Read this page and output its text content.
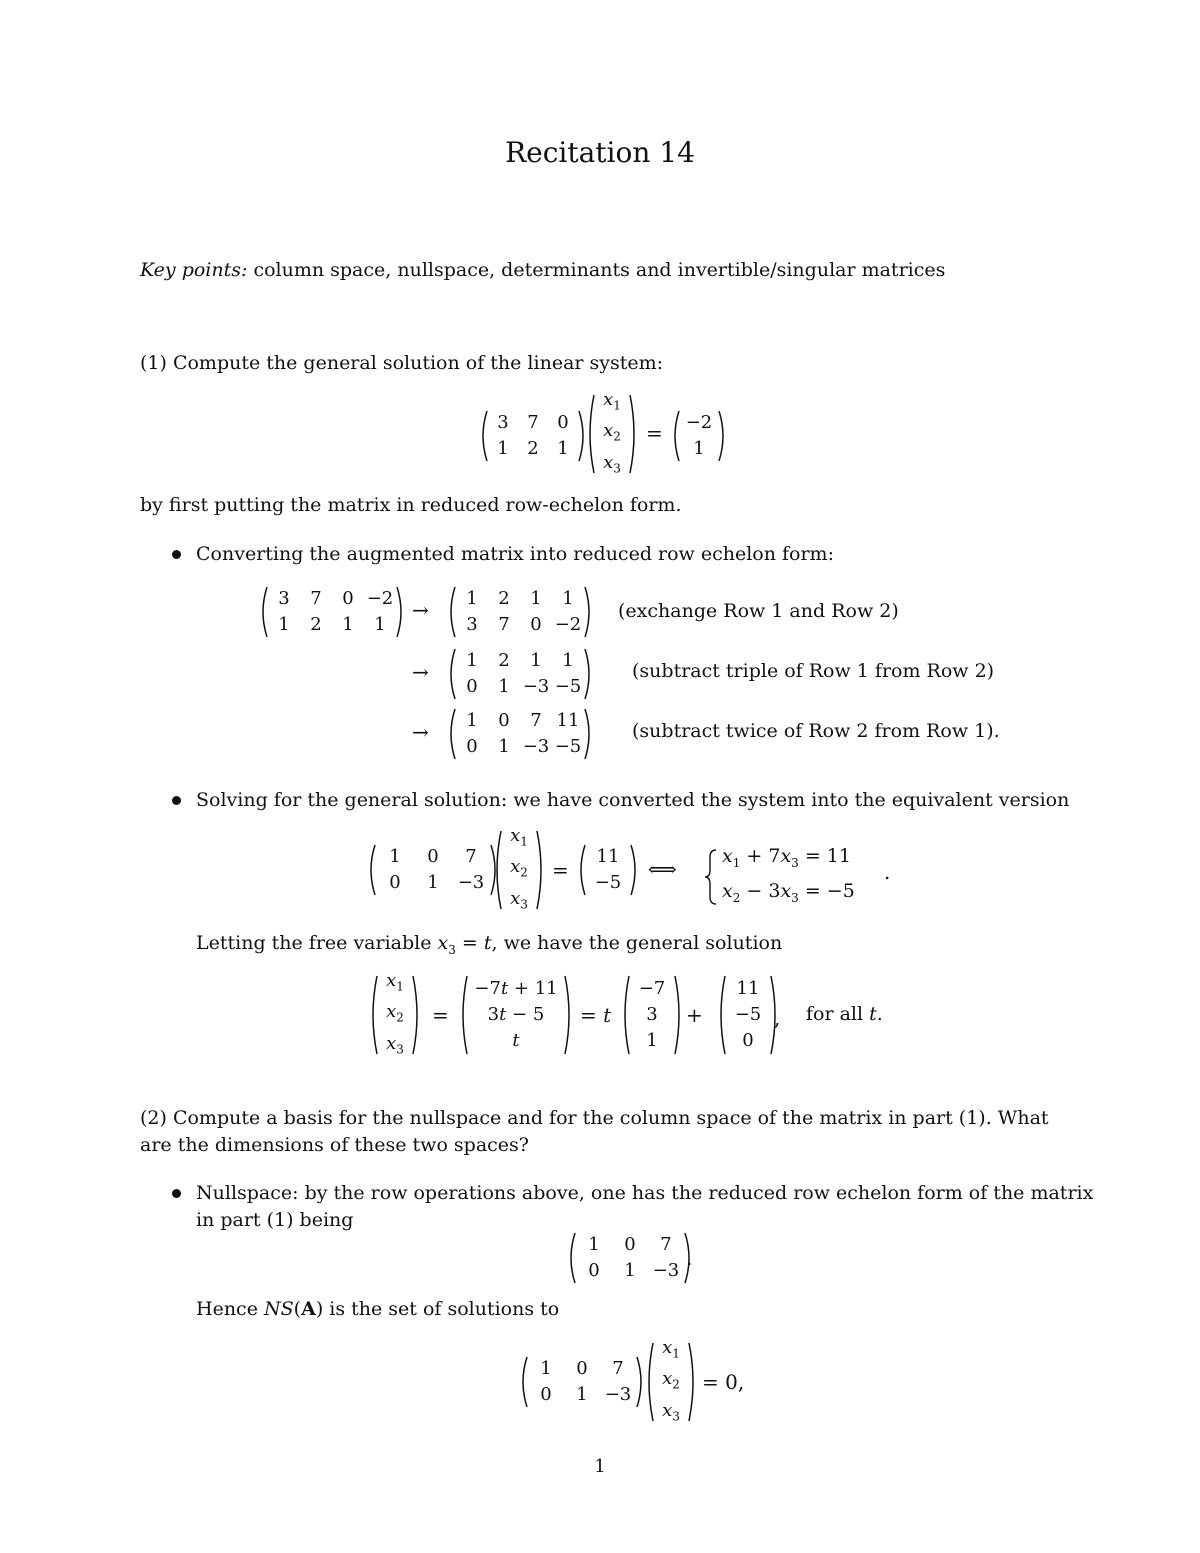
Recitation 14
Key points: column space, nullspace, determinants and invertible/singular matrices
(1) Compute the general solution of the linear system:
3	7	0
1	2	1
$x_1$
$x_2$
$x_3$
=	−2
1
by first putting the matrix in reduced row-echelon form.
Converting the augmented matrix into reduced row echelon form:
3	7	0 −2
1	2	1	1
→	1	2	1	1
3	7	0 −2
(exchange Row 1 and Row 2)
→	1	2	1	1
0	1 −3 −5
(subtract triple of Row 1 from Row 2)
→	1	0	7 11
0	1 −3 −5
(subtract twice of Row 2 from Row 1).
Solving for the general solution: we have converted the system into the equivalent version
1	0	7
0	1	−3
$x_1$
$x_2$
$x_3$
=
11
−5
⟺
$x_1 + 7x_3 = 11$
$x_2 - 3x_3 = -5$
.
Letting the free variable $x_3 = t$, we have the general solution
$x_1$
$x_2$
$x_3$
=
−7t + 11
3t − 5
t
= t
−7
3
1
+
11
−5
0
, for all t.
(2) Compute a basis for the nullspace and for the column space of the matrix in part (1). What
are the dimensions of these two spaces?
Nullspace: by the row operations above, one has the reduced row echelon form of the matrix
in part (1) being
1	0	7
0	1 −3
.
Hence NS(A) is the set of solutions to
1	0	7
0	1 −3
$x_1$
$x_2$
$x_3$
= 0,
1
